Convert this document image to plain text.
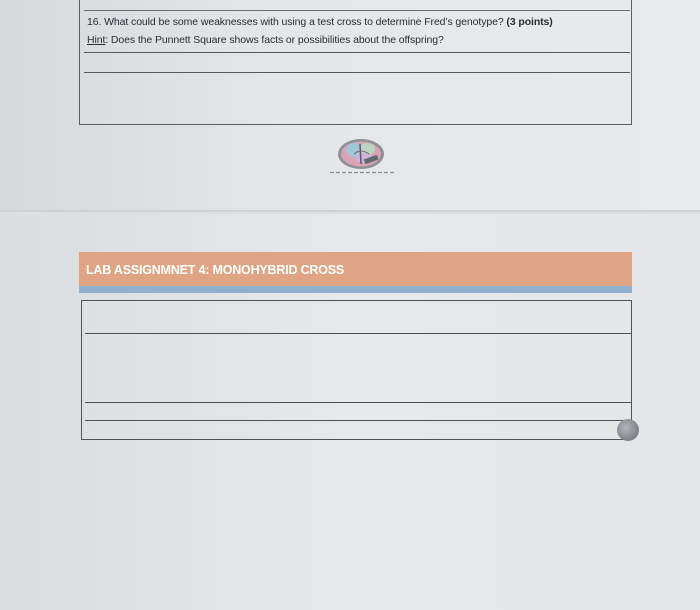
16. What could be some weaknesses with using a test cross to determine Fred’s genotype? (3 points)
Hint: Does the Punnett Square shows facts or possibilities about the offspring?
LAB ASSIGNMNET 4: MONOHYBRID CROSS
